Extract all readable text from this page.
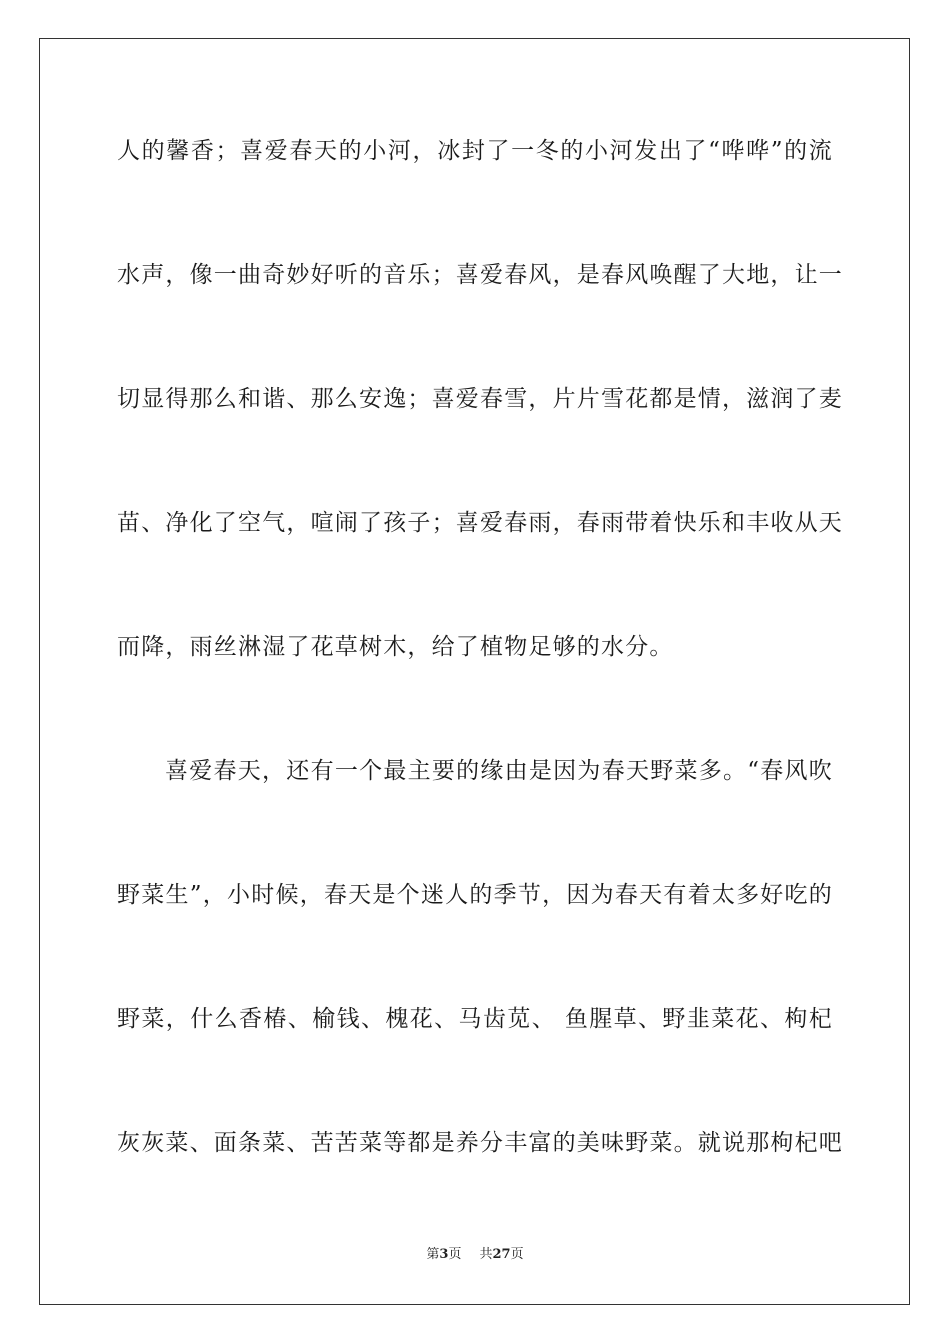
人的馨香；喜爱春天的小河，冰封了一冬的小河发出了“哗哗”的流
水声，像一曲奇妙好听的音乐；喜爱春风，是春风唤醒了大地，让一
切显得那么和谐、那么安逸；喜爱春雪，片片雪花都是情，滋润了麦
苗、净化了空气，喧闹了孩子；喜爱春雨，春雨带着快乐和丰收从天
而降，雨丝淋湿了花草树木，给了植物足够的水分。
喜爱春天，还有一个最主要的缘由是因为春天野菜多。“春风吹
野菜生”，小时候，春天是个迷人的季节，因为春天有着太多好吃的
野菜，什么香椿、榆钱、槐花、马齿苋、 鱼腥草、野韭菜花、枸杞
灰灰菜、面条菜、苦苦菜等都是养分丰富的美味野菜。就说那枸杞吧
第3页 共27页
